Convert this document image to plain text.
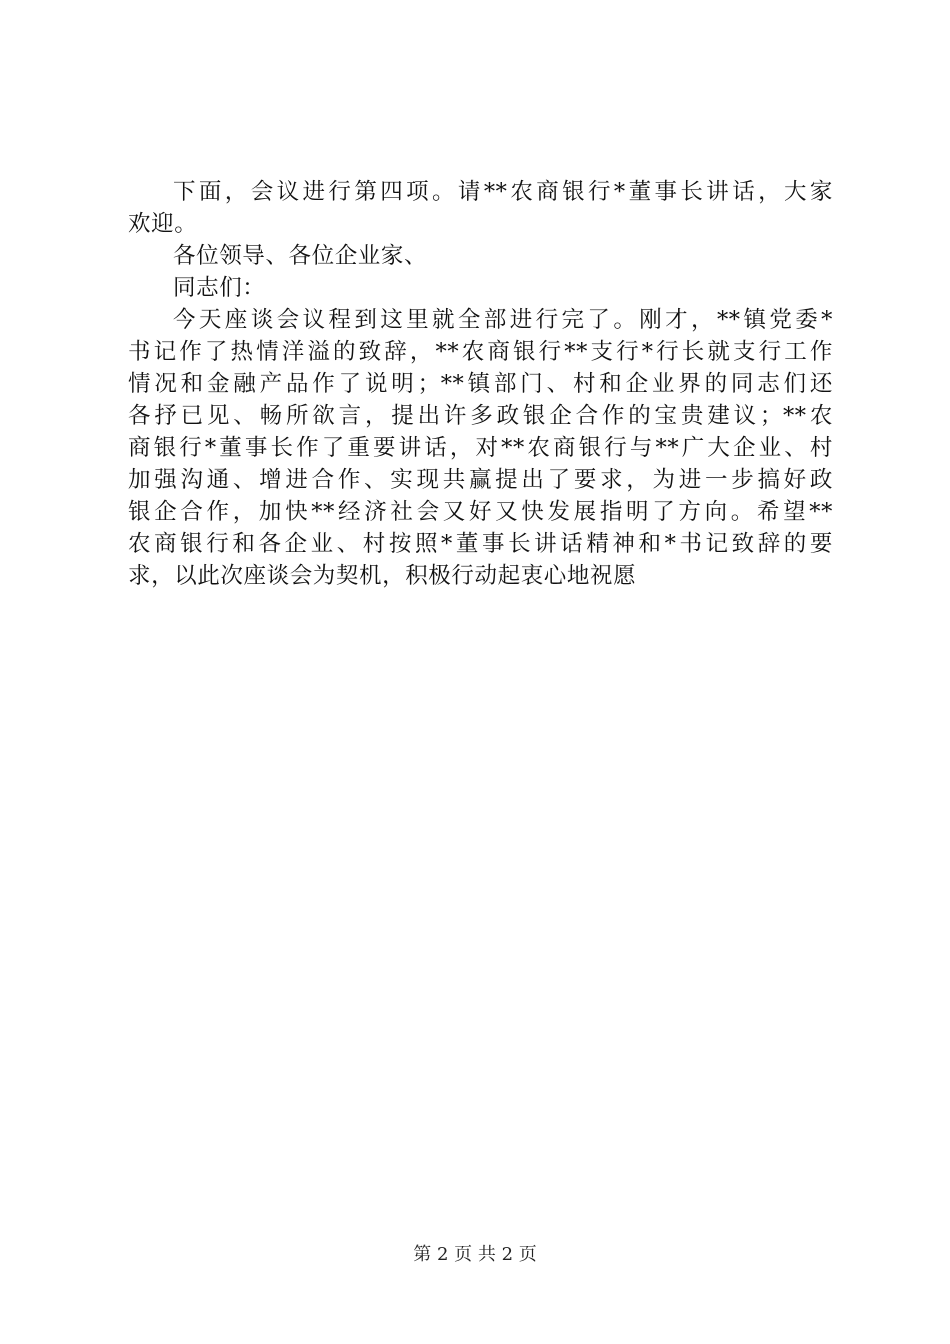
下面，会议进行第四项。请**农商银行*董事长讲话，大家
欢迎。
各位领导、各位企业家、
同志们：
今天座谈会议程到这里就全部进行完了。刚才，**镇党委*
书记作了热情洋溢的致辞，**农商银行**支行*行长就支行工作
情况和金融产品作了说明；**镇部门、村和企业界的同志们还
各抒已见、畅所欲言，提出许多政银企合作的宝贵建议；**农
商银行*董事长作了重要讲话，对**农商银行与**广大企业、村
加强沟通、增进合作、实现共赢提出了要求，为进一步搞好政
银企合作，加快**经济社会又好又快发展指明了方向。希望**
农商银行和各企业、村按照*董事长讲话精神和*书记致辞的要
求，以此次座谈会为契机，积极行动起衷心地祝愿
第 2 页 共 2 页
